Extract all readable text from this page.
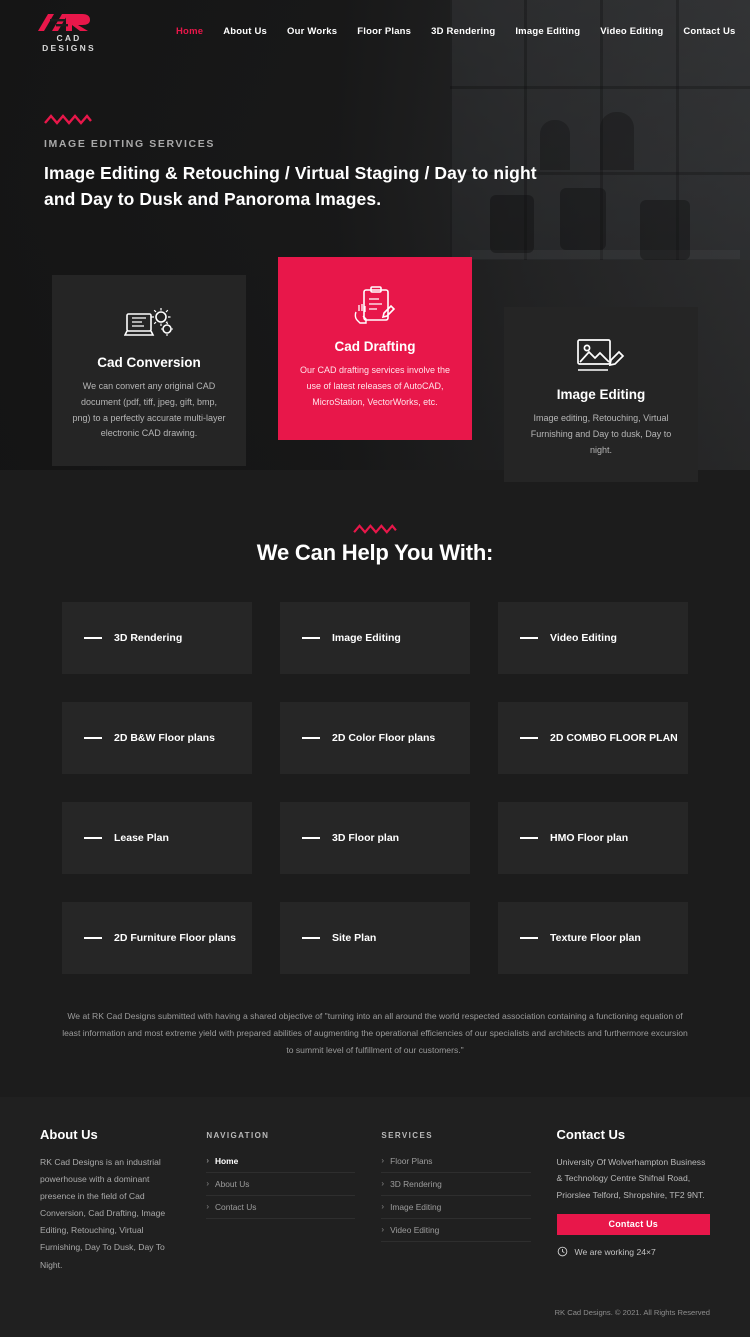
CAD DESIGNS
Home	About Us	Our Works	Floor Plans	3D Rendering	Image Editing	Video Editing	Contact Us
IMAGE EDITING SERVICES
Image Editing & Retouching / Virtual Staging / Day to night
and Day to Dusk and Panoroma Images.
Cad Conversion

We can convert any original CAD document (pdf, tiff, jpeg, gift, bmp, png) to a perfectly accurate multi-layer electronic CAD drawing.

Cad Drafting

Our CAD drafting services involve the use of latest releases of AutoCAD, MicroStation, VectorWorks, etc.	Image Editing

Image editing, Retouching, Virtual Furnishing and Day to dusk, Day to night.

We Can Help You With:
3D Rendering	Image Editing	Video Editing
2D B&W Floor plans	2D Color Floor plans	2D COMBO FLOOR PLAN
Lease Plan	3D Floor plan	HMO Floor plan
2D Furniture Floor plans	Site Plan	Texture Floor plan

We at RK Cad Designs submitted with having a shared objective of "turning into an all around the world respected association containing a functioning equation of least information and most extreme yield with prepared abilities of augmenting the operational efficiencies of our specialists and architects and furthermore excursion to summit level of fulfillment of our customers."

About Us

RK Cad Designs is an industrial powerhouse with a dominant presence in the field of Cad Conversion, Cad Drafting, Image Editing, Retouching, Virtual Furnishing, Day To Dusk, Day To Night.

NAVIGATION
› Home
› About Us
› Contact Us
SERVICES
› Floor Plans
› 3D Rendering
› Image Editing
› Video Editing
Contact Us
University Of Wolverhampton Business & Technology Centre Shifnal Road, Priorslee Telford, Shropshire, TF2 9NT.
Contact Us
We are working 24×7
RK Cad Designs. © 2021. All Rights Reserved
